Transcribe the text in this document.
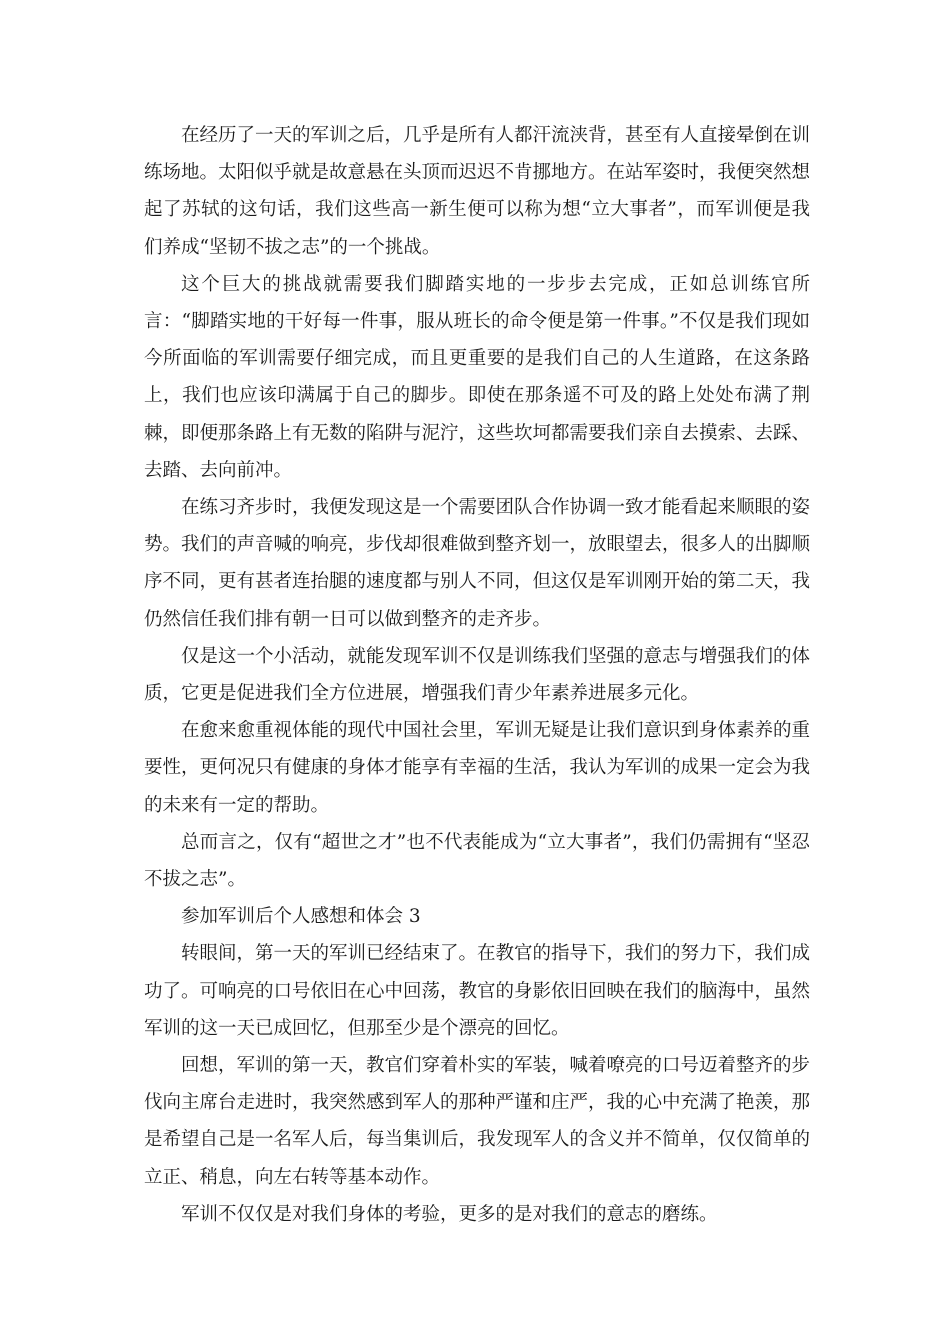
在经历了一天的军训之后，几乎是所有人都汗流浃背，甚至有人直接晕倒在训练场地。太阳似乎就是故意悬在头顶而迟迟不肯挪地方。在站军姿时，我便突然想起了苏轼的这句话，我们这些高一新生便可以称为想“立大事者”，而军训便是我们养成“坚韧不拔之志”的一个挑战。

这个巨大的挑战就需要我们脚踏实地的一步步去完成，正如总训练官所言：“脚踏实地的干好每一件事，服从班长的命令便是第一件事。”不仅是我们现如今所面临的军训需要仔细完成，而且更重要的是我们自己的人生道路，在这条路上，我们也应该印满属于自己的脚步。即使在那条遥不可及的路上处处布满了荆棘，即便那条路上有无数的陷阱与泥泞，这些坎坷都需要我们亲自去摸索、去踩、去踏、去向前冲。

在练习齐步时，我便发现这是一个需要团队合作协调一致才能看起来顺眼的姿势。我们的声音喊的响亮，步伐却很难做到整齐划一，放眼望去，很多人的出脚顺序不同，更有甚者连抬腿的速度都与别人不同，但这仅是军训刚开始的第二天，我仍然信任我们排有朝一日可以做到整齐的走齐步。

仅是这一个小活动，就能发现军训不仅是训练我们坚强的意志与增强我们的体质，它更是促进我们全方位进展，增强我们青少年素养进展多元化。

在愈来愈重视体能的现代中国社会里，军训无疑是让我们意识到身体素养的重要性，更何况只有健康的身体才能享有幸福的生活，我认为军训的成果一定会为我的未来有一定的帮助。

总而言之，仅有“超世之才”也不代表能成为“立大事者”，我们仍需拥有“坚忍不拔之志”。

参加军训后个人感想和体会 3

转眼间，第一天的军训已经结束了。在教官的指导下，我们的努力下，我们成功了。可响亮的口号依旧在心中回荡，教官的身影依旧回映在我们的脑海中，虽然军训的这一天已成回忆，但那至少是个漂亮的回忆。

回想，军训的第一天，教官们穿着朴实的军装，喊着嘹亮的口号迈着整齐的步伐向主席台走进时，我突然感到军人的那种严谨和庄严，我的心中充满了艳羡，那是希望自己是一名军人后，每当集训后，我发现军人的含义并不简单，仅仅简单的立正、稍息，向左右转等基本动作。

军训不仅仅是对我们身体的考验，更多的是对我们的意志的磨练。
